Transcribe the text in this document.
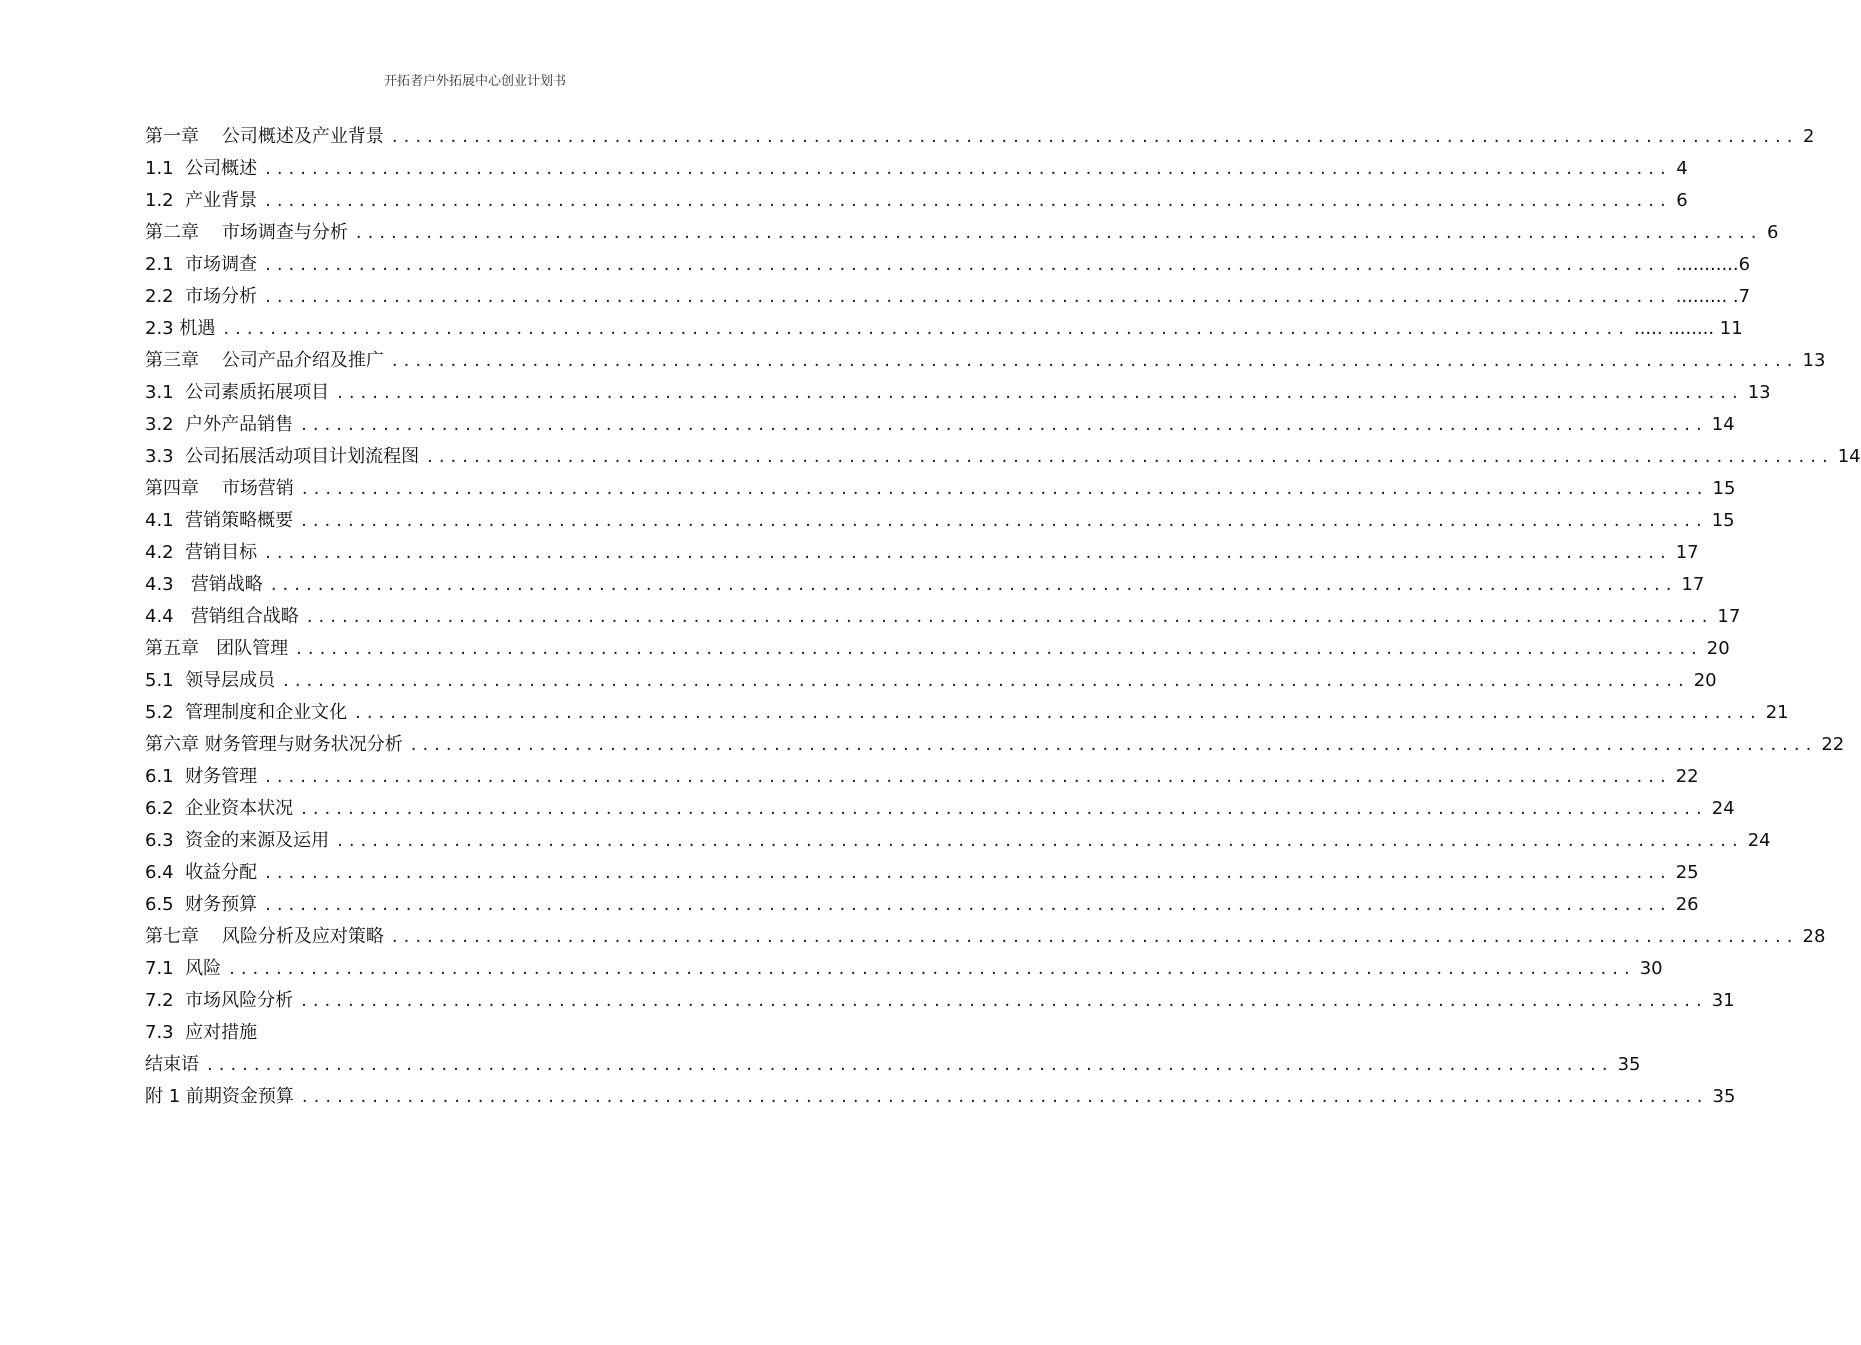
开拓者户外拓展中心创业计划书
第一章
公司概述及产业背景 ........................................................................................................................ 2
1.1
公司概述 ........................................................................................................................ 4
1.2
产业背景 ........................................................................................................................ 6
第二章
市场调查与分析 ........................................................................................................................ 6
2.1
市场调查 ........................................................................................................................ ...........6
2.2
市场分析 ........................................................................................................................ ......... .7
2.3
机遇 ........................................................................................................................ ..... ........ 11
第三章
公司产品介绍及推广 ........................................................................................................................ 13
3.1
公司素质拓展项目 ........................................................................................................................ 13
3.2
户外产品销售 ........................................................................................................................ 14
3.3
公司拓展活动项目计划流程图 ........................................................................................................................ 14
第四章
市场营销 ........................................................................................................................ 15
4.1
营销策略概要 ........................................................................................................................ 15
4.2
营销目标 ........................................................................................................................ 17
4.3
营销战略 ........................................................................................................................ 17
4.4
营销组合战略 ........................................................................................................................ 17
第五章
团队管理 ........................................................................................................................ 20
5.1
领导层成员 ........................................................................................................................ 20
5.2
管理制度和企业文化 ........................................................................................................................ 21
第六章
财务管理与财务状况分析 ........................................................................................................................ 22
6.1
财务管理 ........................................................................................................................ 22
6.2
企业资本状况 ........................................................................................................................ 24
6.3
资金的来源及运用 ........................................................................................................................ 24
6.4
收益分配 ........................................................................................................................ 25
6.5
财务预算 ........................................................................................................................ 26
第七章
风险分析及应对策略 ........................................................................................................................ 28
7.1
风险 ........................................................................................................................ 30
7.2
市场风险分析 ........................................................................................................................ 31
7.3
应对措施
结束语 ........................................................................................................................ 35
附 1
前期资金预算 ........................................................................................................................ 35
